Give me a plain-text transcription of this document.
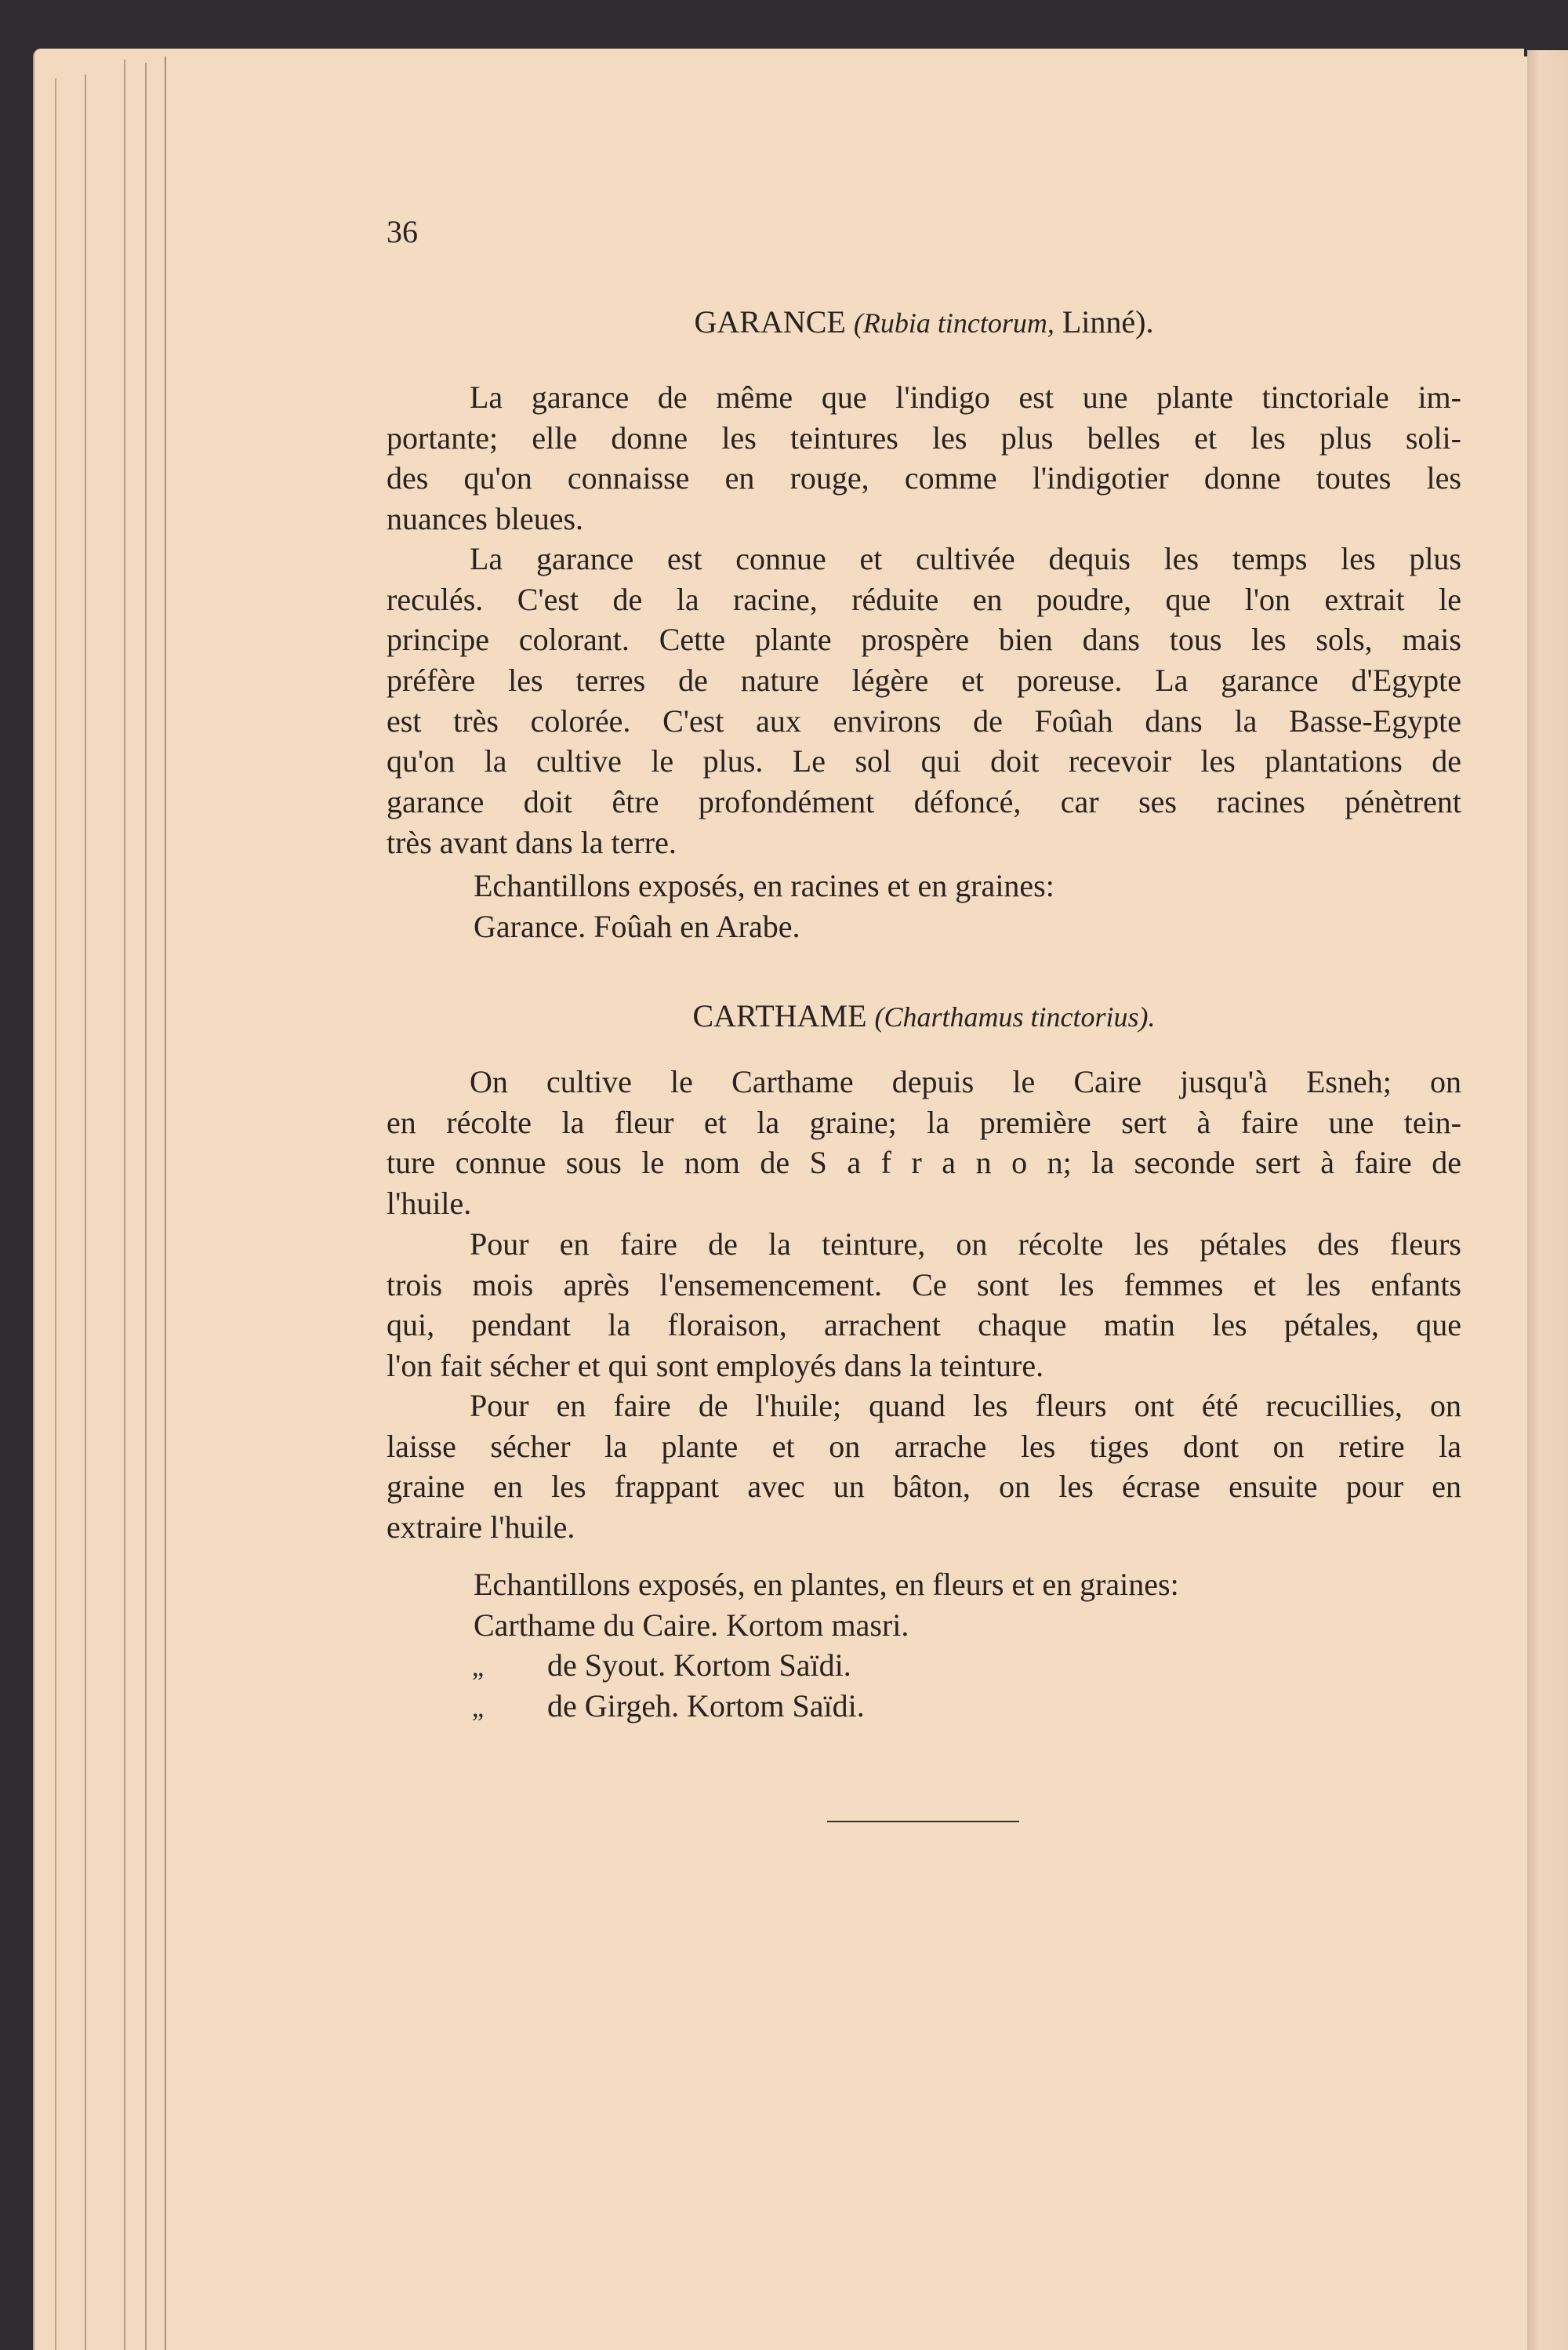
36
GARANCE (Rubia tinctorum, Linné).
La garance de même que l'indigo est une plante tinctoriale im-
portante; elle donne les teintures les plus belles et les plus soli-
des qu'on connaisse en rouge, comme l'indigotier donne toutes les
nuances bleues.
La garance est connue et cultivée dequis les temps les plus
reculés. C'est de la racine, réduite en poudre, que l'on extrait le
principe colorant. Cette plante prospère bien dans tous les sols, mais
préfère les terres de nature légère et poreuse. La garance d'Egypte
est très colorée. C'est aux environs de Foûah dans la Basse-Egypte
qu'on la cultive le plus. Le sol qui doit recevoir les plantations de
garance doit être profondément défoncé, car ses racines pénètrent
très avant dans la terre.
Echantillons exposés, en racines et en graines:
Garance. Foûah en Arabe.
CARTHAME (Charthamus tinctorius).
On cultive le Carthame depuis le Caire jusqu'à Esneh; on
en récolte la fleur et la graine; la première sert à faire une tein-
ture connue sous le nom de S a f r a n o n; la seconde sert à faire de
l'huile.
Pour en faire de la teinture, on récolte les pétales des fleurs
trois mois après l'ensemencement. Ce sont les femmes et les enfants
qui, pendant la floraison, arrachent chaque matin les pétales, que
l'on fait sécher et qui sont employés dans la teinture.
Pour en faire de l'huile; quand les fleurs ont été recucillies, on
laisse sécher la plante et on arrache les tiges dont on retire la
graine en les frappant avec un bâton, on les écrase ensuite pour en
extraire l'huile.
Echantillons exposés, en plantes, en fleurs et en graines:
Carthame du Caire. Kortom masri.
„ de Syout. Kortom Saïdi.
„ de Girgeh. Kortom Saïdi.
